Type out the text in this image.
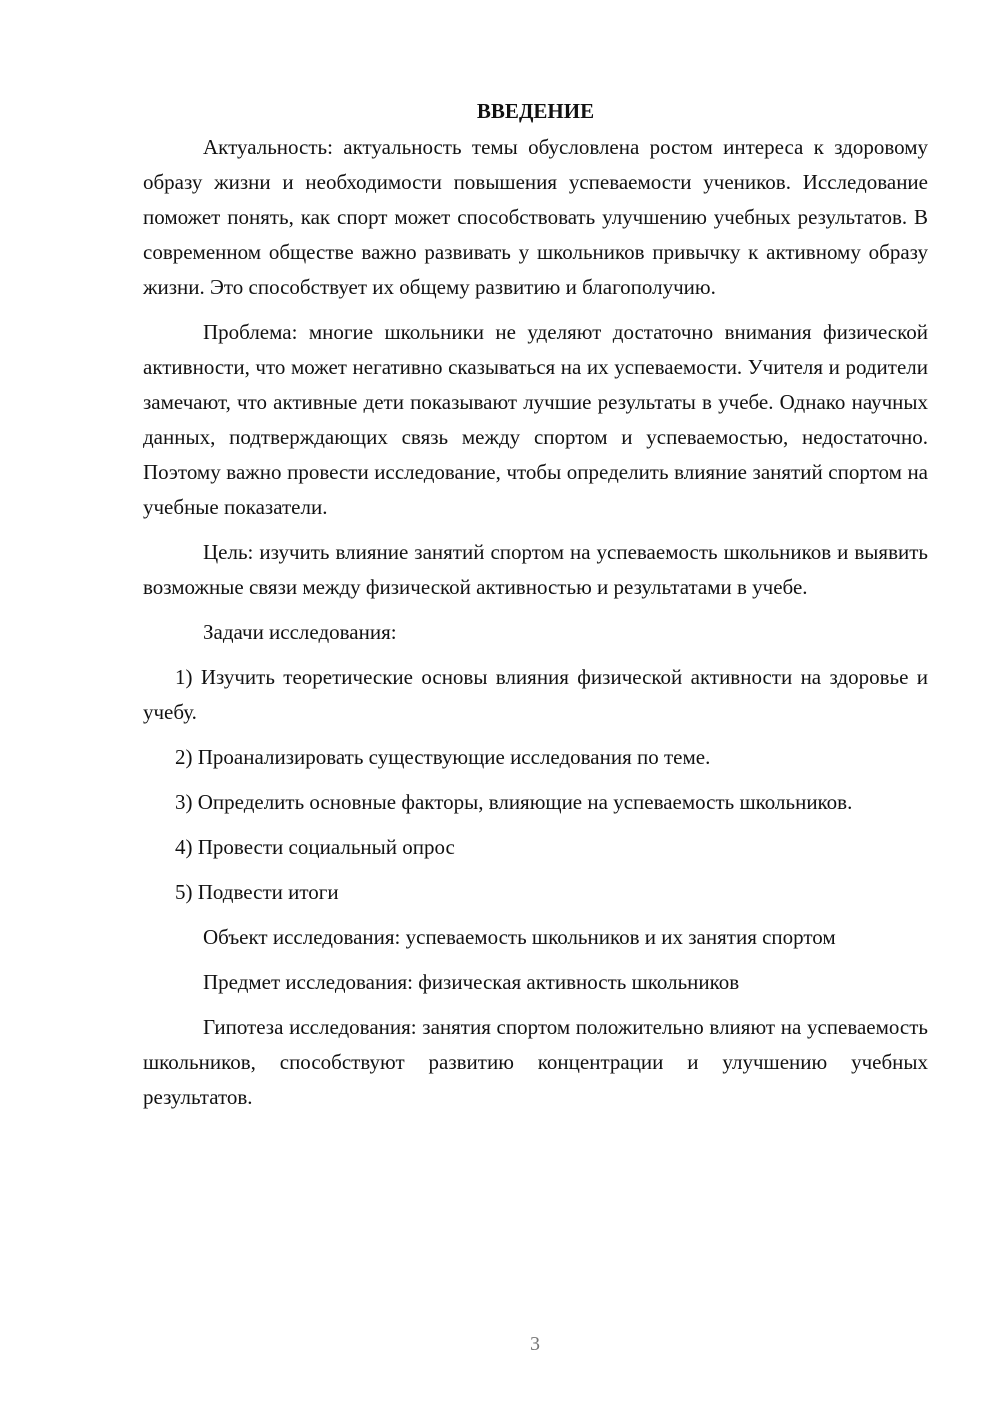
ВВЕДЕНИЕ

Актуальность: актуальность темы обусловлена ростом интереса к здоровому образу жизни и необходимости повышения успеваемости учеников. Исследование поможет понять, как спорт может способствовать улучшению учебных результатов. В современном обществе важно развивать у школьников привычку к активному образу жизни. Это способствует их общему развитию и благополучию.

Проблема: многие школьники не уделяют достаточно внимания физической активности, что может негативно сказываться на их успеваемости. Учителя и родители замечают, что активные дети показывают лучшие результаты в учебе. Однако научных данных, подтверждающих связь между спортом и успеваемостью, недостаточно. Поэтому важно провести исследование, чтобы определить влияние занятий спортом на учебные показатели.

Цель: изучить влияние занятий спортом на успеваемость школьников и выявить возможные связи между физической активностью и результатами в учебе.

Задачи исследования:

1) Изучить теоретические основы влияния физической активности на здоровье и учебу.

2) Проанализировать существующие исследования по теме.

3) Определить основные факторы, влияющие на успеваемость школьников.

4) Провести социальный опрос

5) Подвести итоги

Объект исследования: успеваемость школьников и их занятия спортом

Предмет исследования: физическая активность школьников

Гипотеза исследования: занятия спортом положительно влияют на успеваемость школьников, способствуют развитию концентрации и улучшению учебных результатов.

3
